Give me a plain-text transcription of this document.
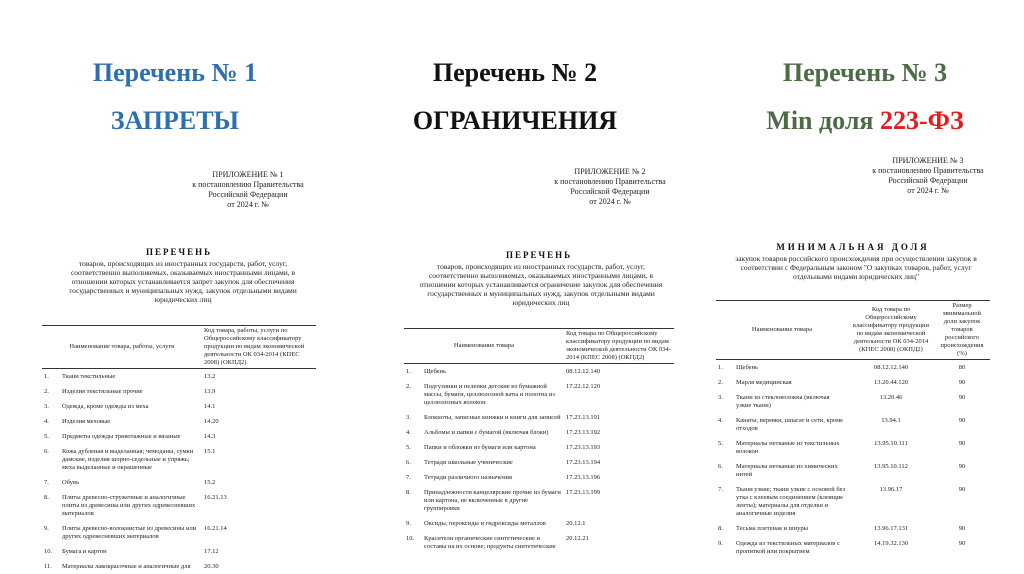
Перечень № 1
ЗАПРЕТЫ
Перечень № 2
ОГРАНИЧЕНИЯ
Перечень № 3
Min доля 223-ФЗ
ПРИЛОЖЕНИЕ № 1
к постановлению Правительства
Российской Федерации
от 2024 г. №
ПЕРЕЧЕНЬ
товаров, происходящих из иностранных государств, работ, услуг, соответственно выполняемых, оказываемых иностранными лицами, в отношении которых устанавливается запрет закупок для обеспечения государственных и муниципальных нужд, закупок отдельными видами юридических лиц
Наименование товара, работы, услуги		Код товара, работы, услуги по Общероссийскому классификатору продукции по видам экономической деятельности ОК 034-2014 (КПЕС 2008) (ОКПД2)
1.	Ткани текстильные	13.2
2.	Изделия текстильные прочие	13.9
3.	Одежда, кроме одежды из меха	14.1
4.	Изделия меховые	14.20
5.	Предметы одежды трикотажные и вязаные	14.3
6.	Кожа дубленая и выделанная; чемоданы, сумки дамские, изделия шорно-седельные и упряжь; меха выделанные и окрашенные	15.1
7.	Обувь	15.2
8.	Плиты древесно-стружечные и аналогичные плиты из древесины или других одревесневших материалов	16.21.13
9.	Плиты древесно-волокнистые из древесины или других одревесневших материалов	16.21.14
10.	Бумага и картон	17.12
11.	Материалы лакокрасочные и аналогичные для	20.30
ПРИЛОЖЕНИЕ № 2
к постановлению Правительства
Российской Федерации
от 2024 г. №
ПЕРЕЧЕНЬ
товаров, происходящих из иностранных государств, работ, услуг, соответственно выполняемых, оказываемых иностранными лицами, в отношении которых устанавливается ограничение закупок для обеспечения государственных и муниципальных нужд, закупок отдельными видами юридических лиц
Наименование товара		Код товара по Общероссийскому классификатору продукции по видам экономической деятельности ОК 034-2014 (КПЕС 2008) (ОКПД2)
1.	Щебень	08.12.12.140
2.	Подгузники и пеленки детские из бумажной массы, бумаги, целлюлозной ваты и полотна из целлюлозных волокон	17.22.12.120
3.	Блокноты, записные книжки и книги для записей	17.23.13.191
4.	Альбомы и папки с бумагой (включая блоки)	17.23.13.192
5.	Папки и обложки из бумаги или картона	17.23.13.193
6.	Тетради школьные ученические	17.23.13.194
7.	Тетради различного назначения	17.23.13.196
8.	Принадлежности канцелярские прочие из бумаги или картона, не включенные в другие группировки	17.23.13.199
9.	Оксиды, пероксиды и гидроксиды металлов	20.12.1
10.	Красители органические синтетические и составы на их основе; продукты синтетические	20.12.21
ПРИЛОЖЕНИЕ № 3
к постановлению Правительства
Российской Федерации
от 2024 г. №
МИНИМАЛЬНАЯ ДОЛЯ
закупок товаров российского происхождения при осуществлении закупок в соответствии с Федеральным законом "О закупках товаров, работ, услуг отдельными видами юридических лиц"
Наименование товара		Код товара по Общероссийскому классификатору продукции по видам экономической деятельности ОК 034-2014 (КПЕС 2008) (ОКПД2)	Размер минимальной доли закупок товаров российского происхождения (%)
1.	Щебень	08.12.12.140	80
2.	Марля медицинская	13.20.44.120	90
3.	Ткани из стекловолокна (включая узкие ткани)	13.20.46	90
4.	Канаты, веревки, шпагат и сети, кроме отходов	13.94.1	90
5.	Материалы нетканые из текстильных волокон	13.95.10.111	90
6.	Материалы нетканые из химических нитей	13.95.10.112	90
7.	Ткани узкие; ткани узкие с основой без утка с клеевым соединением (клеящие ленты); материалы для отделки и аналогичные изделия	13.96.17	90
8.	Тесьма плетеная и шнуры	13.96.17.131	90
9.	Одежда из текстильных материалов с пропиткой или покрытием	14.19.32.130	90
